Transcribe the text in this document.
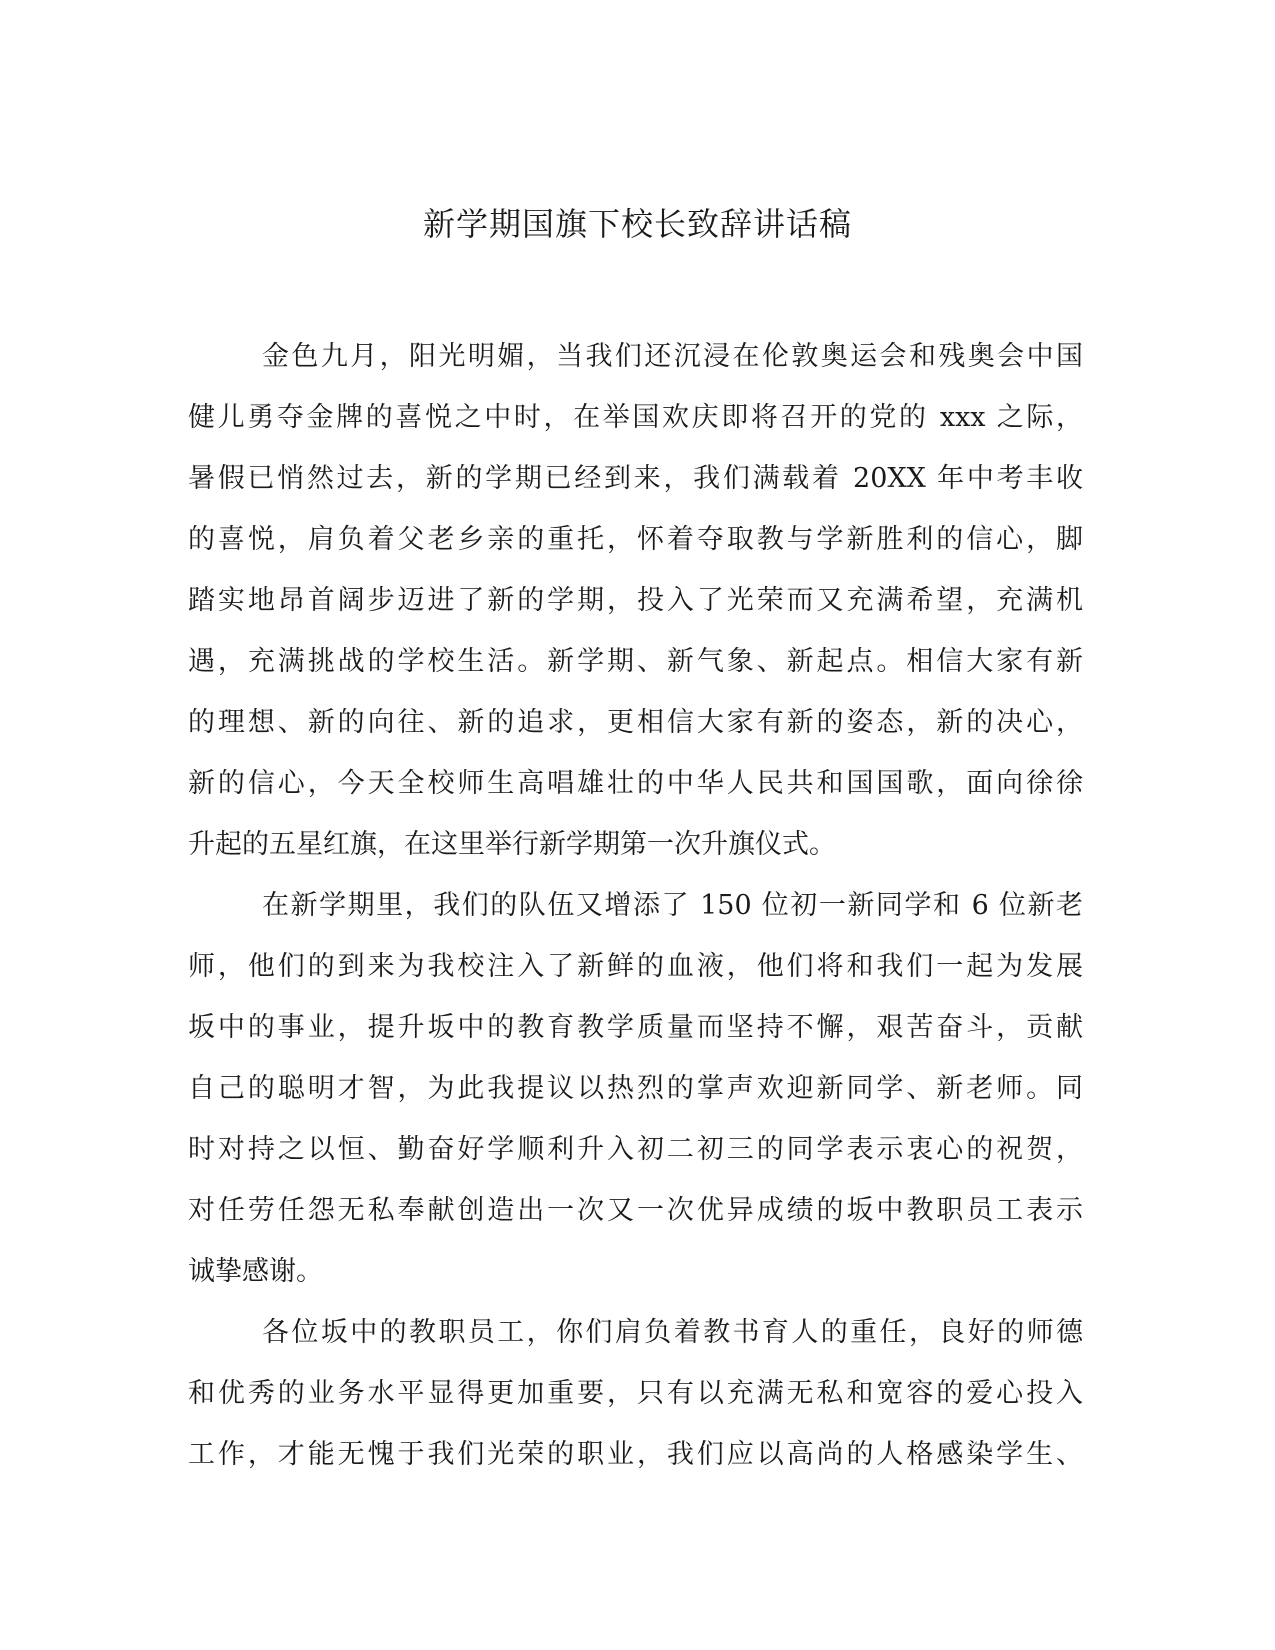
新学期国旗下校长致辞讲话稿
金色九月，阳光明媚，当我们还沉浸在伦敦奥运会和残奥会中国
健儿勇夺金牌的喜悦之中时，在举国欢庆即将召开的党的 xxx 之际，
暑假已悄然过去，新的学期已经到来，我们满载着 20XX 年中考丰收
的喜悦，肩负着父老乡亲的重托，怀着夺取教与学新胜利的信心，脚
踏实地昂首阔步迈进了新的学期，投入了光荣而又充满希望，充满机
遇，充满挑战的学校生活。新学期、新气象、新起点。相信大家有新
的理想、新的向往、新的追求，更相信大家有新的姿态，新的决心，
新的信心，今天全校师生高唱雄壮的中华人民共和国国歌，面向徐徐
升起的五星红旗，在这里举行新学期第一次升旗仪式。
在新学期里，我们的队伍又增添了 150 位初一新同学和 6 位新老
师，他们的到来为我校注入了新鲜的血液，他们将和我们一起为发展
坂中的事业，提升坂中的教育教学质量而坚持不懈，艰苦奋斗，贡献
自己的聪明才智，为此我提议以热烈的掌声欢迎新同学、新老师。同
时对持之以恒、勤奋好学顺利升入初二初三的同学表示衷心的祝贺，
对任劳任怨无私奉献创造出一次又一次优异成绩的坂中教职员工表示
诚挚感谢。
各位坂中的教职员工，你们肩负着教书育人的重任，良好的师德
和优秀的业务水平显得更加重要，只有以充满无私和宽容的爱心投入
工作，才能无愧于我们光荣的职业，我们应以高尚的人格感染学生、
